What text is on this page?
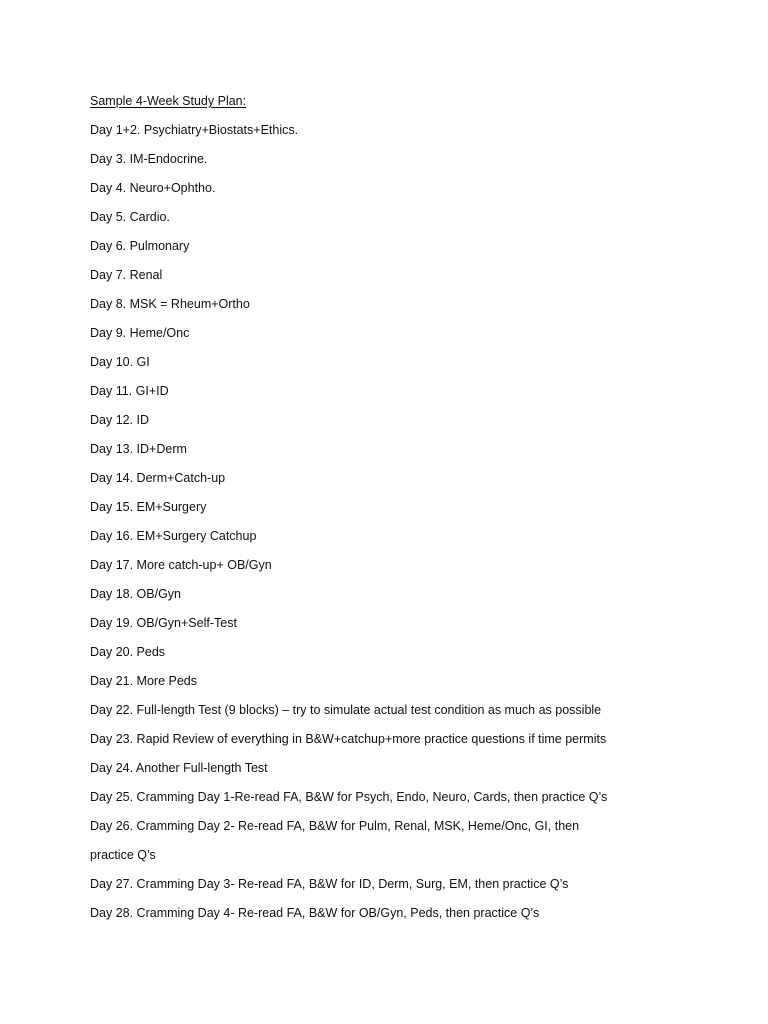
Sample 4-Week Study Plan:
Day 1+2. Psychiatry+Biostats+Ethics.
Day 3. IM-Endocrine.
Day 4. Neuro+Ophtho.
Day 5. Cardio.
Day 6. Pulmonary
Day 7. Renal
Day 8. MSK = Rheum+Ortho
Day 9. Heme/Onc
Day 10. GI
Day 11. GI+ID
Day 12. ID
Day 13. ID+Derm
Day 14. Derm+Catch-up
Day 15. EM+Surgery
Day 16. EM+Surgery Catchup
Day 17. More catch-up+ OB/Gyn
Day 18. OB/Gyn
Day 19. OB/Gyn+Self-Test
Day 20. Peds
Day 21. More Peds
Day 22. Full-length Test (9 blocks) – try to simulate actual test condition as much as possible
Day 23. Rapid Review of everything in B&W+catchup+more practice questions if time permits
Day 24. Another Full-length Test
Day 25. Cramming Day 1-Re-read FA, B&W for Psych, Endo, Neuro, Cards, then practice Q’s
Day 26. Cramming Day 2- Re-read FA, B&W for Pulm, Renal, MSK, Heme/Onc, GI, then
practice Q’s
Day 27. Cramming Day 3- Re-read FA, B&W for ID, Derm, Surg, EM, then practice Q’s
Day 28. Cramming Day 4- Re-read FA, B&W for OB/Gyn, Peds, then practice Q’s
